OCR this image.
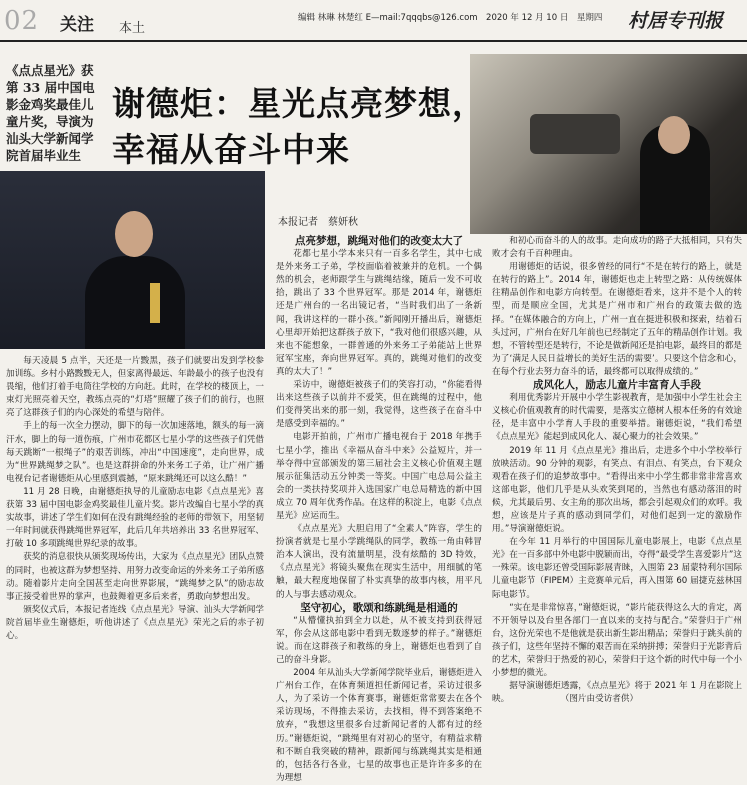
02 关注 本土
编辑 林琳 林楚红 E—mail:7qqqbs@126.com　2020 年 12 月 10 日　星期四 村居专刊报
《点点星光》获第 33 届中国电影金鸡奖最佳儿童片奖，导演为汕头大学新闻学院首届毕业生
谢德炬：星光点亮梦想，
幸福从奋斗中来
本报记者　蔡妍秋

每天凌晨 5 点半，天还是一片黢黑，孩子们就要出发到学校参加训练。乡村小路黢黢无人，但家离得最远、年龄最小的孩子也没有畏缩，他们打着手电筒往学校的方向赶。此时，在学校的楼顶上，一束灯光照亮着天空，教练点亮的“灯塔”照耀了孩子们的前行，也照亮了这群孩子们的内心深处的希望与陪伴。

手上的每一次全力摆动，脚下的每一次加速落地，额头的每一滴汗水，脚上的每一道伤痕，广州市花都区七星小学的这些孩子们凭借每天跳断“一根绳子”的艰苦训练，冲出“中国速度”，走向世界，成为“世界跳绳梦之队”。也是这群拼命的外来务工子弟，让广州广播电视台记者谢德炬从心里感到震撼，“原来跳绳还可以这么酷！”

11 月 28 日晚，由谢德炬执导的儿童励志电影《点点星光》喜获第 33 届中国电影金鸡奖最佳儿童片奖。影片改编自七星小学的真实故事，讲述了学生们如何在没有跳绳经验的老师的带领下，用坚韧一年时间就获得跳绳世界冠军，此后几年共培养出 33 名世界冠军、打破 10 多项跳绳世界纪录的故事。

获奖的消息很快从颁奖现场传出，大家为《点点星光》团队点赞的同时，也被这群为梦想坚持、用努力改变命运的外来务工子弟所感动。随着影片走向全国甚至走向世界影展，“跳绳梦之队”的励志故事正接受着世界的掌声，也鼓舞着更多后来者，勇敢向梦想出发。

颁奖仪式后，本报记者连线《点点星光》导演、汕头大学新闻学院首届毕业生谢德炬，听他讲述了《点点星光》荣光之后的赤子初心。

点亮梦想，跳绳对他们的改变太大了

花都七星小学本来只有一百多名学生，其中七成是外来务工子弟，学校面临着被兼并的危机。一个偶然的机会，老师跟学生与跳绳结缘，随后一发不可收拾，跳出了 33 个世界冠军。那是 2014 年，谢德炬还是广州台的一名出镜记者，“当时我们出了一条新闻，我讲这样的一群小孩。”新闻刚开播出后，谢德炬心里却开始把这群孩子放下，“我对他们很感兴趣，从来也不能想象，一群普通的外来务工子弟能站上世界冠军宝座，奔向世界冠军。真的，跳绳对他们的改变真的太大了！”

采访中，谢德炬被孩子们的笑容打动，“你能看得出来这些孩子以前并不爱笑，但在跳绳的过程中，他们变得笑出来的那一刻，我觉得，这些孩子在奋斗中是感受到幸福的。”

电影开拍前，广州市广播电视台于 2018 年携手七星小学，推出《幸福从奋斗中来》公益短片，并一举夺得中宣部颁发的第三届社会主义核心价值观主题展示征集活动五分钟类一等奖。中国广电总局公益主会的一类扶持奖项并入选国家广电总局精选的新中国成立 70 周年优秀作品。在这样的积淀上，电影《点点星光》应运而生。

《点点星光》大胆启用了“全素人”阵容，学生的扮演者就是七星小学跳绳队的同学，教练一角由韩冒治本人演出，没有流量明星，没有炫酷的 3D 特效，《点点星光》将镜头聚焦在现实生活中，用细腻的笔触，最大程度地保留了朴实真挚的故事内核，用平凡的人与事去感动观众。

坚守初心，歌颂和练跳绳是相通的

“从懵懂执拍到全力以赴，从不被支持到获得冠军，你会从这部电影中看到无数逐梦的样子。”谢德炬说。而在这群孩子和教练的身上，谢德炬也看到了自己的奋斗身影。

2004 年从汕头大学新闻学院毕业后，谢德炬进入广州台工作，在体育频道担任新闻记者，采访过很多人，为了采访一个体育赛事，谢德炬常常要去在各个采访现场，不得推去采访，去找相，得不到答案绝不放弃，“我想这里很多台过新闻记者的人都有过的经历。”谢德炬说，“跳绳里有对初心的坚守，有精益求精和不断自我突破的精神，跟新闻与练跳绳其实是相通的，包括各行各业，七星的故事也正是许许多多的在为理想

和初心而奋斗的人的故事。走向成功的路子大抵相同，只有失败才会有千百种理由。

用谢德炬的话说，很多曾经的同行“不是在转行的路上，就是在转行的路上”。2014 年，谢德炬也走上转型之路：从传统媒体往精品创作和电影方向转型。在谢德炬看来，这并不是个人的转型，而是顺应全国，尤其是广州市和广州台的政策去做的选择。“在媒体融合的方向上，广州一直在挺进积极和探索，结着石头过河，广州台在好几年前也已经制定了五年的精品创作计划。我想，不管转型还是转行，不论是做新闻还是拍电影，最终目的都是为了‘满足人民日益增长的美好生活的需要’。只要这个信念和心，在每个行业去努力奋斗的话，最终都可以取得成绩的。”

成风化人，励志儿童片丰富育人手段

利用优秀影片开展中小学生影视教育，是加强中小学生社会主义核心价值观教育的时代需要，是落实立德树人根本任务的有效途径，是丰富中小学育人手段的重要举措。谢德炬说，“我们希望《点点星光》能起到成风化人、凝心聚力的社会效果。”

2019 年 11 月《点点星光》推出后，走进多个中小学校举行放映活动。90 分钟的观影，有笑点、有泪点、有笑点，台下观众观看在孩子们的追梦故事中。“看得出来中小学生都非常非常喜欢这部电影，他们几乎是从头欢笑到尾的，当然也有感动落泪的时候，尤其最后男、女主角的那次出场，都会引起观众们的欢呼。我想，应该是片子真的感动到同学们，对他们起到一定的激励作用。”导演谢德炬说。

在今年 11 月举行的中国国际儿童电影展上，电影《点点星光》在一百多部中外电影中脱颖而出，夺得“最受学生喜爱影片”这一殊荣。该电影还曾受国际影展青睐，入围第 23 届蒙特利尔国际儿童电影节（FIPEM）主竞赛单元后，再入围第 60 届捷克兹林国际电影节。

“实在是非常惊喜，”谢德炬说，“影片能获得这么大的肯定，离不开领导以及台里各部门一直以来的支持与配合。”荣誉归于广州台，这份光荣也不是他就是获出新生影出精品；荣誉归于跳头前的孩子们，这些年坚持不懈的艰苦而在采纳拼搏；荣誉归于光影背后的艺术，荣誉归于热爱的初心，荣誉归于这个新的时代中每一个小小梦想的微光。

据导演谢德炬透露，《点点星光》将于 2021 年 1 月在影院上映。　　　　　　　（图片由受访者供）
